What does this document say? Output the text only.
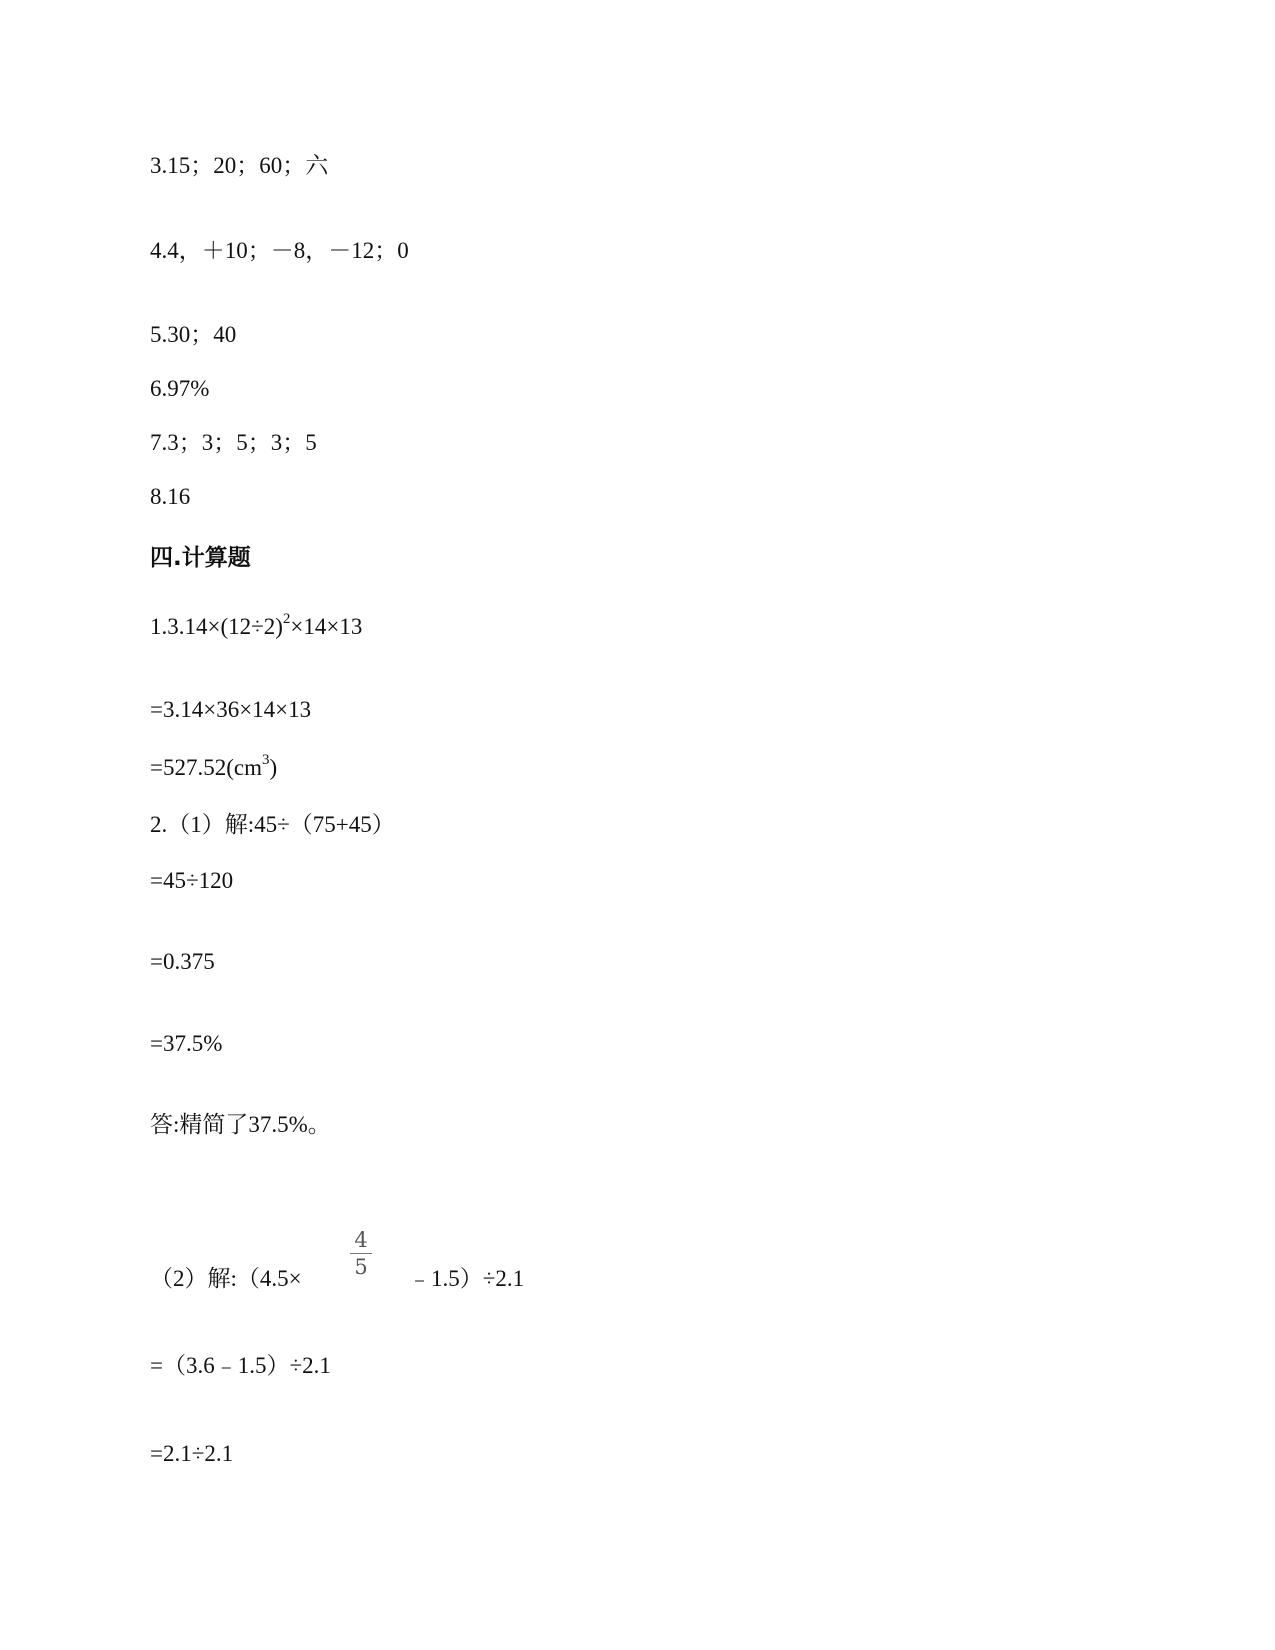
3.15；20；60；六
4.4，＋10；－8，－12；0
5.30；40
6.97%
7.3；3；5；3；5
8.16
四.计算题
$1.3.14\times(12\div 2)^2\times 14\times 13$
=3.14×36×14×13
$=527.52(cm^3)$
2.（1）解:45÷（75+45）
=45÷120
=0.375
=37.5%
答:精简了37.5%。
（2）解:（4.5×
4
5 ﹣1.5）÷2.1
=（3.6﹣1.5）÷2.1
=2.1÷2.1
